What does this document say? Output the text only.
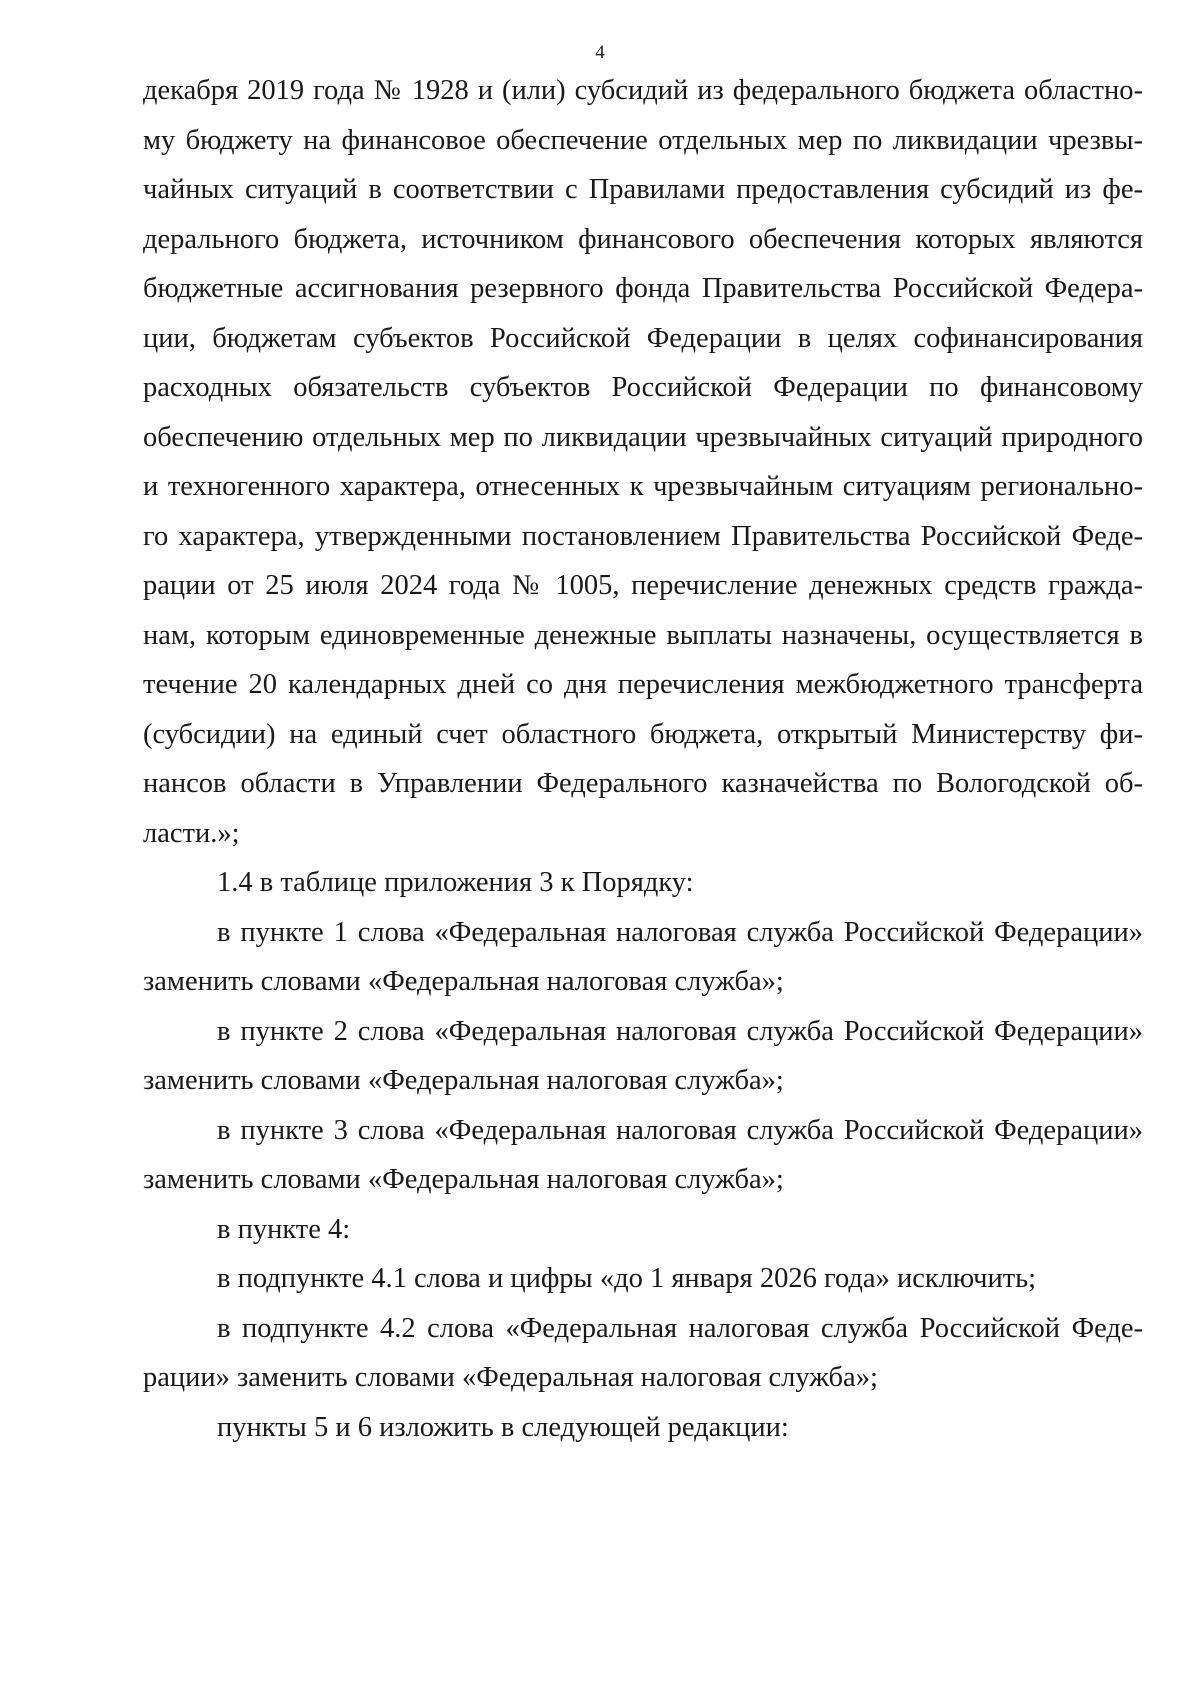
4
декабря 2019 года № 1928 и (или) субсидий из федерального бюджета областно-
му бюджету на финансовое обеспечение отдельных мер по ликвидации чрезвы-
чайных ситуаций в соответствии с Правилами предоставления субсидий из фе-
дерального бюджета, источником финансового обеспечения которых являются
бюджетные ассигнования резервного фонда Правительства Российской Федера-
ции, бюджетам субъектов Российской Федерации в целях софинансирования
расходных обязательств субъектов Российской Федерации по финансовому
обеспечению отдельных мер по ликвидации чрезвычайных ситуаций природного
и техногенного характера, отнесенных к чрезвычайным ситуациям регионально-
го характера, утвержденными постановлением Правительства Российской Феде-
рации от 25 июля 2024 года № 1005, перечисление денежных средств гражда-
нам, которым единовременные денежные выплаты назначены, осуществляется в
течение 20 календарных дней со дня перечисления межбюджетного трансферта
(субсидии) на единый счет областного бюджета, открытый Министерству фи-
нансов области в Управлении Федерального казначейства по Вологодской об-
ласти.»;
1.4 в таблице приложения 3 к Порядку:
в пункте 1 слова «Федеральная налоговая служба Российской Федерации»
заменить словами «Федеральная налоговая служба»;
в пункте 2 слова «Федеральная налоговая служба Российской Федерации»
заменить словами «Федеральная налоговая служба»;
в пункте 3 слова «Федеральная налоговая служба Российской Федерации»
заменить словами «Федеральная налоговая служба»;
в пункте 4:
в подпункте 4.1 слова и цифры «до 1 января 2026 года» исключить;
в подпункте 4.2 слова «Федеральная налоговая служба Российской Феде-
рации» заменить словами «Федеральная налоговая служба»;
пункты 5 и 6 изложить в следующей редакции:
